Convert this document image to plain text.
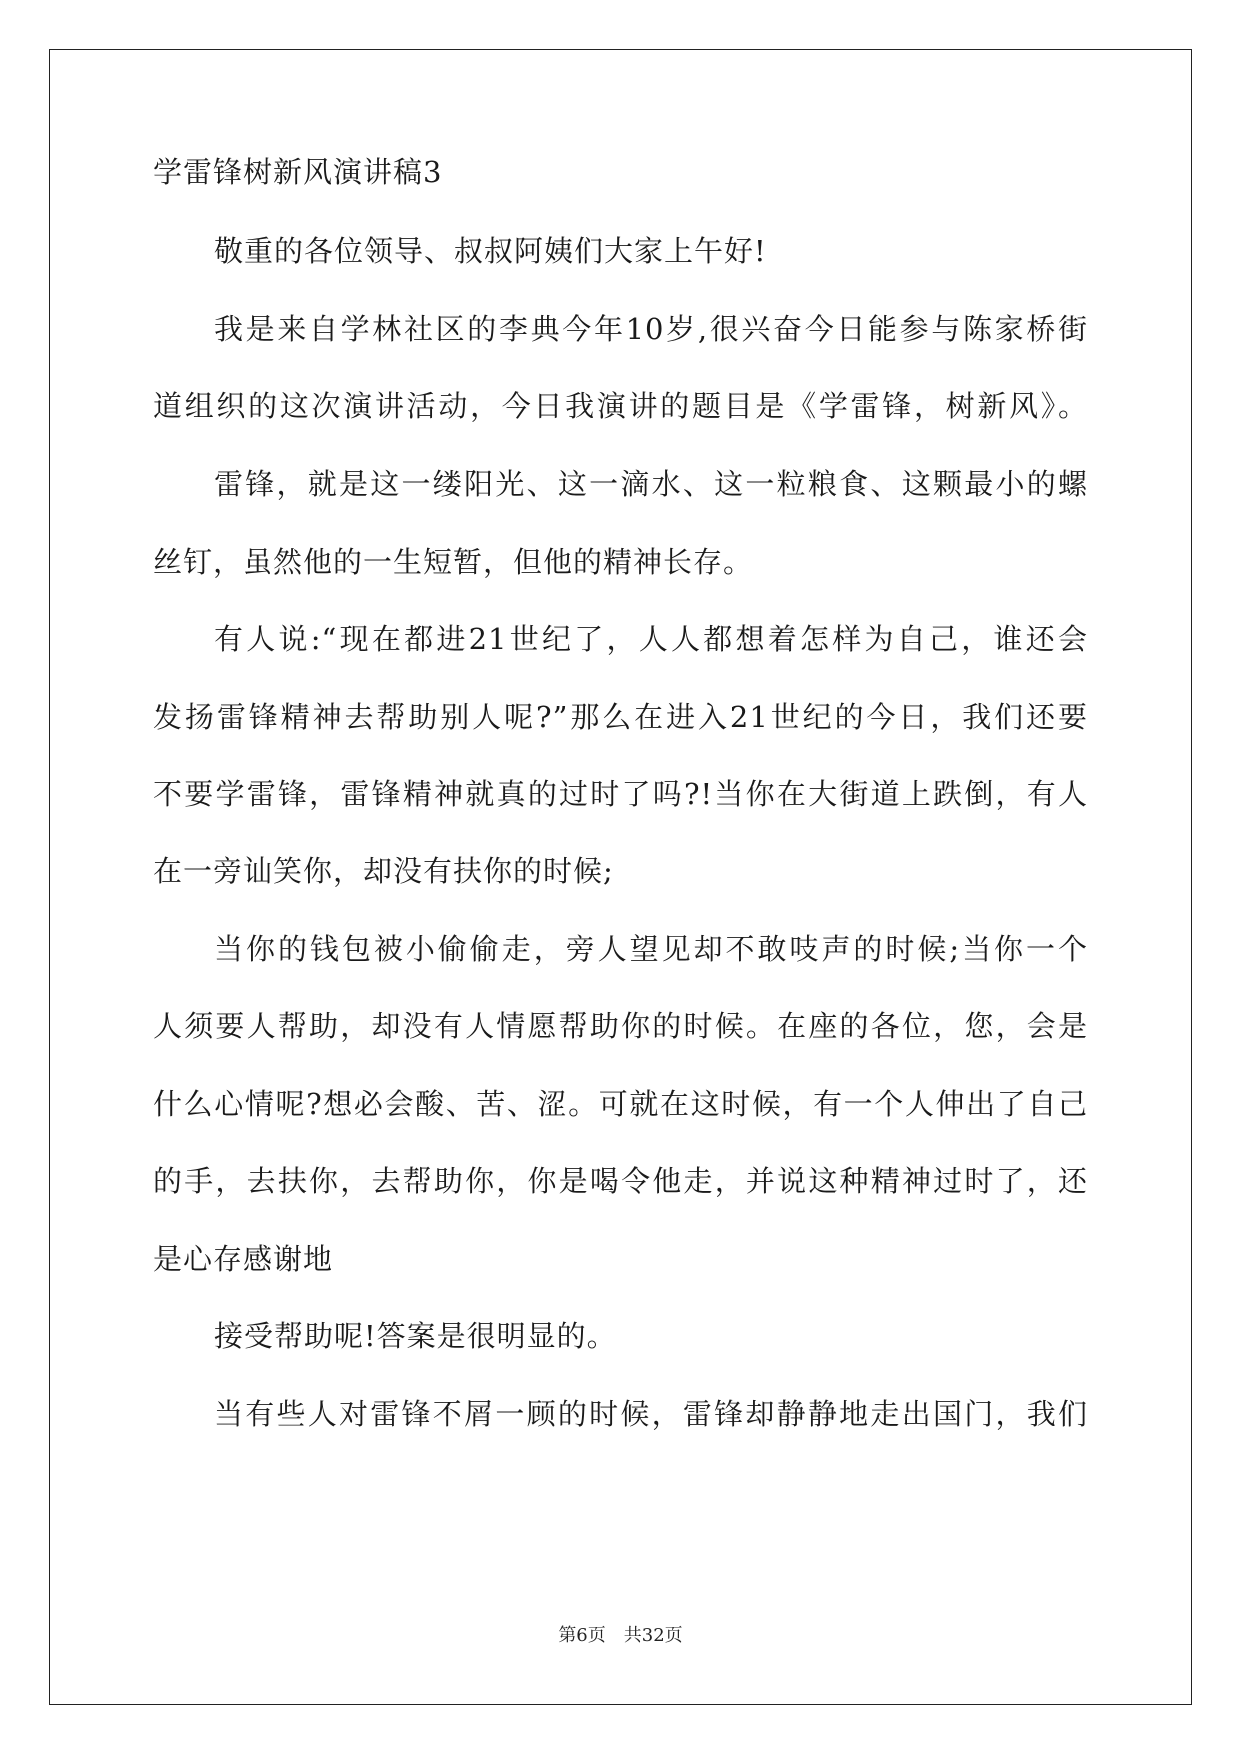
学雷锋树新风演讲稿3
敬重的各位领导、叔叔阿姨们大家上午好!
我是来自学林社区的李典今年10岁,很兴奋今日能参与陈家桥街
道组织的这次演讲活动，今日我演讲的题目是《学雷锋，树新风》。
雷锋，就是这一缕阳光、这一滴水、这一粒粮食、这颗最小的螺
丝钉，虽然他的一生短暂，但他的精神长存。
有人说:“现在都进21世纪了，人人都想着怎样为自己，谁还会
发扬雷锋精神去帮助别人呢?”那么在进入21世纪的今日，我们还要
不要学雷锋，雷锋精神就真的过时了吗?!当你在大街道上跌倒，有人
在一旁讪笑你，却没有扶你的时候;
当你的钱包被小偷偷走，旁人望见却不敢吱声的时候;当你一个
人须要人帮助，却没有人情愿帮助你的时候。在座的各位，您，会是
什么心情呢?想必会酸、苦、涩。可就在这时候，有一个人伸出了自己
的手，去扶你，去帮助你，你是喝令他走，并说这种精神过时了，还
是心存感谢地
接受帮助呢!答案是很明显的。
当有些人对雷锋不屑一顾的时候，雷锋却静静地走出国门，我们
第6页　共32页
